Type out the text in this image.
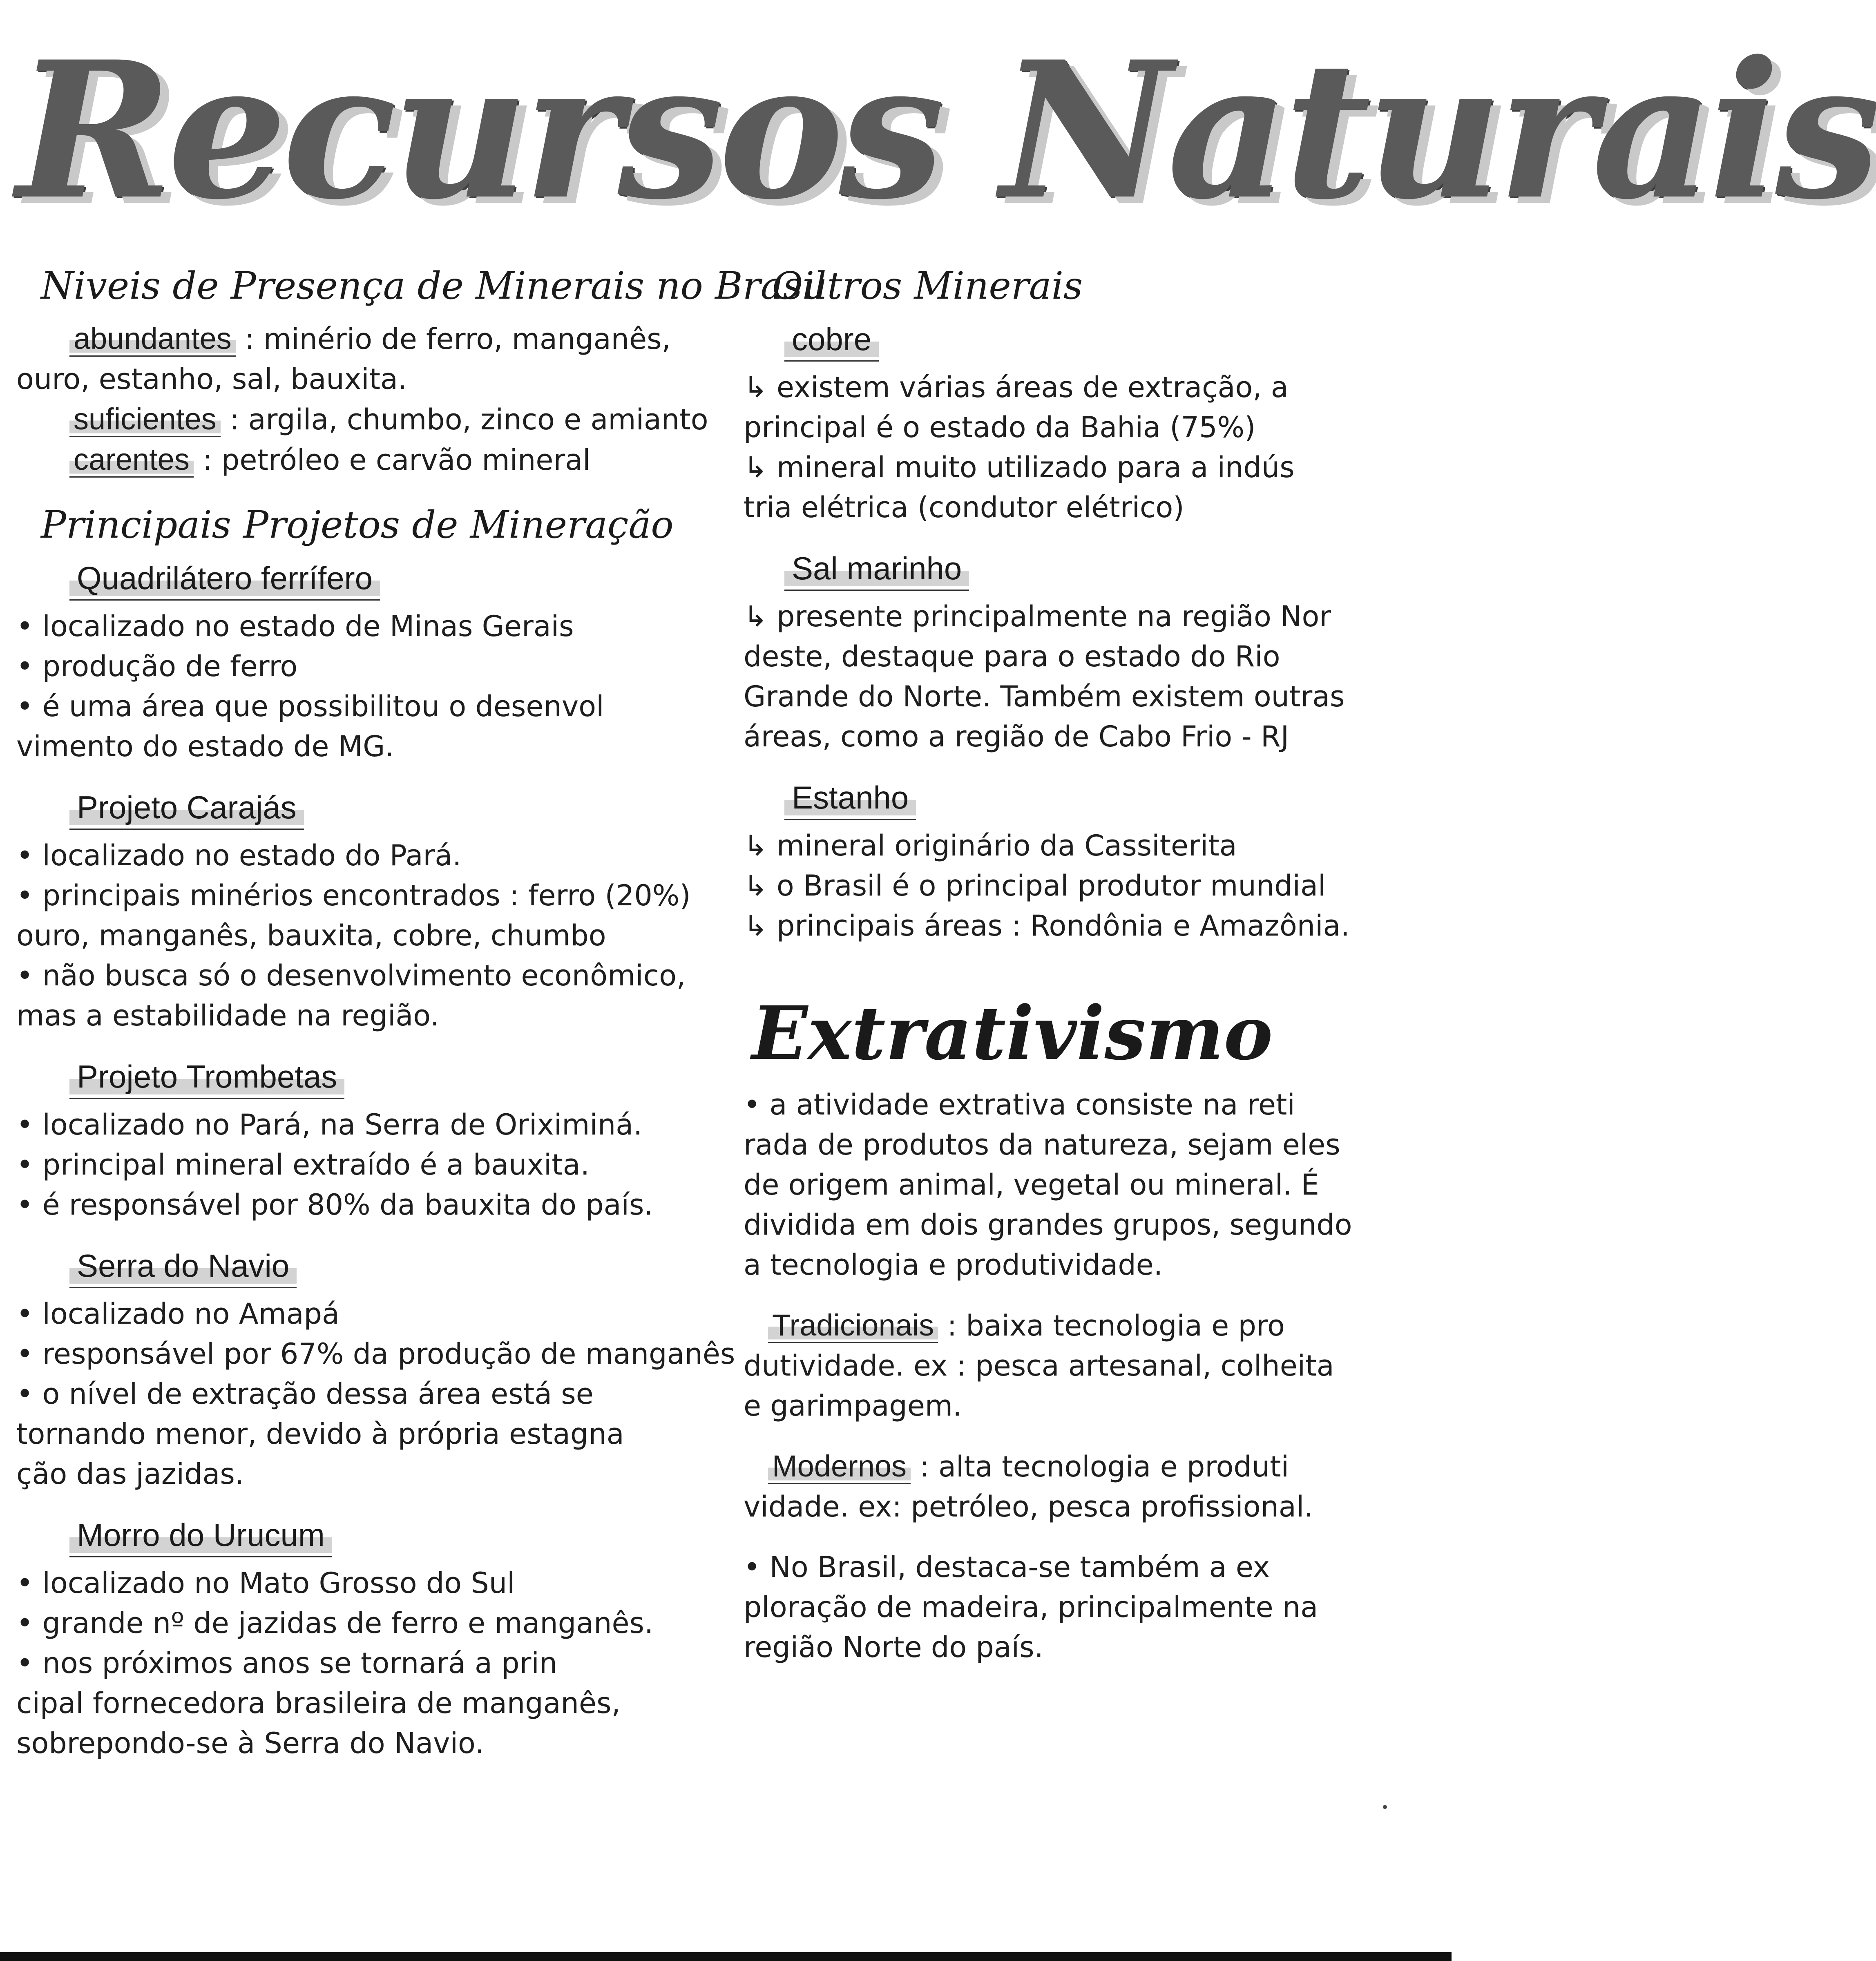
Recursos Naturais
Niveis de Presença de Minerais no Brasil
abundantes : minério de ferro, manganês,
ouro, estanho, sal, bauxita.
suficientes : argila, chumbo, zinco e amianto
carentes : petróleo e carvão mineral
Principais Projetos de Mineração
Quadrilátero ferrífero
• localizado no estado de Minas Gerais
• produção de ferro
• é uma área que possibilitou o desenvol
vimento do estado de MG.
Projeto Carajás
• localizado no estado do Pará.
• principais minérios encontrados : ferro (20%)
ouro, manganês, bauxita, cobre, chumbo
• não busca só o desenvolvimento econômico,
mas a estabilidade na região.
Projeto Trombetas
• localizado no Pará, na Serra de Oriximiná.
• principal mineral extraído é a bauxita.
• é responsável por 80% da bauxita do país.
Serra do Navio
• localizado no Amapá
• responsável por 67% da produção de manganês
• o nível de extração dessa área está se
tornando menor, devido à própria estagna
ção das jazidas.
Morro do Urucum
• localizado no Mato Grosso do Sul
• grande nº de jazidas de ferro e manganês.
• nos próximos anos se tornará a prin
cipal fornecedora brasileira de manganês,
sobrepondo-se à Serra do Navio.
Outros Minerais
cobre
↳ existem várias áreas de extração, a
principal é o estado da Bahia (75%)
↳ mineral muito utilizado para a indús
tria elétrica (condutor elétrico)
Sal marinho
↳ presente principalmente na região Nor
deste, destaque para o estado do Rio
Grande do Norte. Também existem outras
áreas, como a região de Cabo Frio - RJ
Estanho
↳ mineral originário da Cassiterita
↳ o Brasil é o principal produtor mundial
↳ principais áreas : Rondônia e Amazônia.
Extrativismo
• a atividade extrativa consiste na reti
rada de produtos da natureza, sejam eles
de origem animal, vegetal ou mineral. É
dividida em dois grandes grupos, segundo
a tecnologia e produtividade.
Tradicionais : baixa tecnologia e pro
dutividade. ex : pesca artesanal, colheita
e garimpagem.
Modernos : alta tecnologia e produti
vidade. ex: petróleo, pesca profissional.
• No Brasil, destaca-se também a ex
ploração de madeira, principalmente na
região Norte do país.
